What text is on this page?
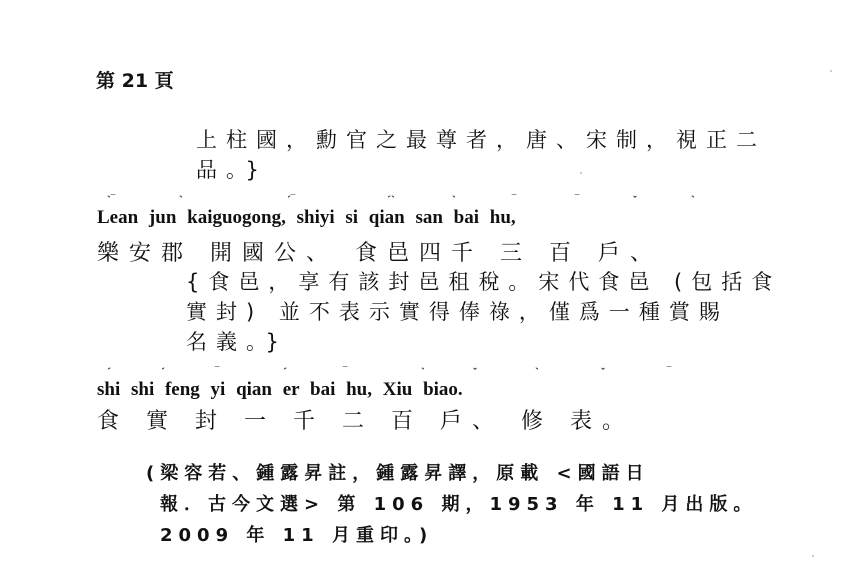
第 21 頁
上柱國，勳官之最尊者，唐、宋制，視正二
品。}
Lean jun kaiguogong, shiyi si qian san bai hu,
ˋ‾	ˋ	ˊ‾	ˊˋ	ˋ	‾	‾	ˇ	ˋ
樂安郡 開國公、 食邑四千 三 百 戶、
{食邑，享有該封邑租稅。宋代食邑 (包括食
實封) 並不表示實得俸祿，僅爲一種賞賜
名義。}
shi shi feng yi qian er bai hu, Xiu biao.
ˊ	ˊ	‾	ˊ	‾	ˋ	ˇ	ˋ	ˇ	‾
食 實 封 一 千 二 百 戶、 修 表。
(梁容若、鍾露昇註，鍾露昇譯，原載 <國語日
報．古今文選> 第 106 期，1953 年 11 月出版。
2009 年 11 月重印。)
